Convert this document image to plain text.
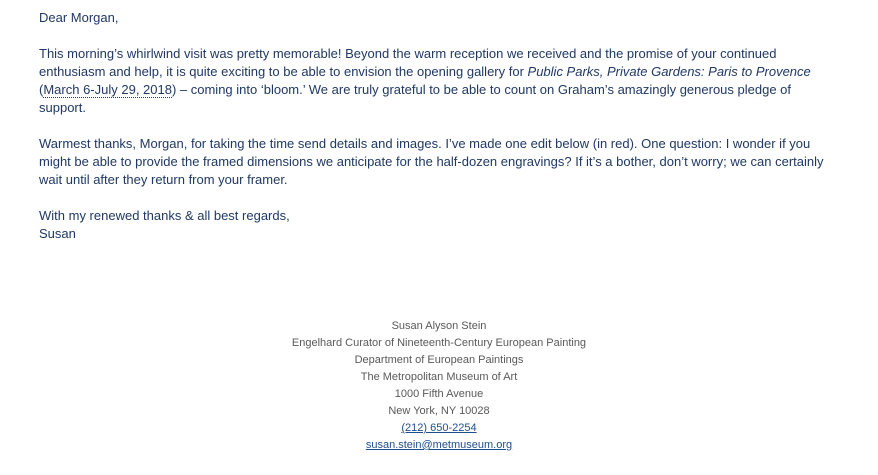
Dear Morgan,

This morning’s whirlwind visit was pretty memorable! Beyond the warm reception we received and the promise of your continued enthusiasm and help, it is quite exciting to be able to envision the opening gallery for Public Parks, Private Gardens: Paris to Provence (March 6-July 29, 2018) – coming into ‘bloom.’ We are truly grateful to be able to count on Graham’s amazingly generous pledge of support.

Warmest thanks, Morgan, for taking the time send details and images. I’ve made one edit below (in red). One question: I wonder if you might be able to provide the framed dimensions we anticipate for the half-dozen engravings? If it’s a bother, don’t worry; we can certainly wait until after they return from your framer.

With my renewed thanks & all best regards,

Susan

Susan Alyson Stein
Engelhard Curator of Nineteenth-Century European Painting
Department of European Paintings
The Metropolitan Museum of Art
1000 Fifth Avenue
New York, NY 10028
(212) 650-2254
susan.stein@metmuseum.org
